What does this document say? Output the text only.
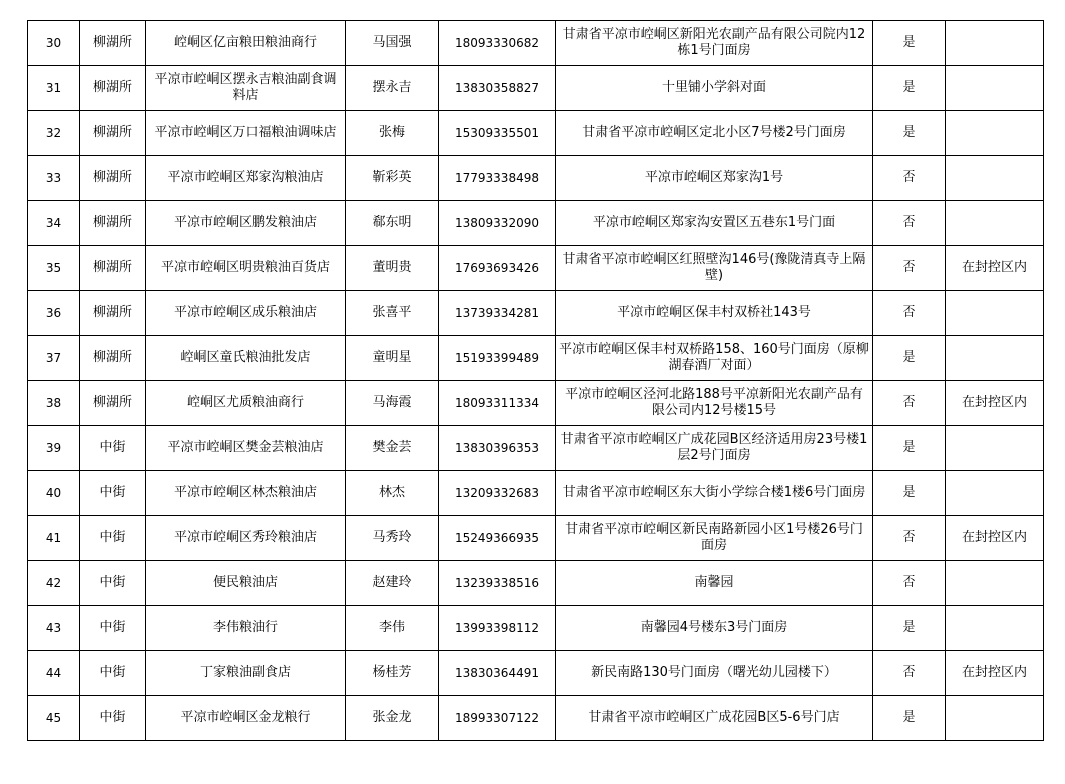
30	柳湖所	崆峒区亿亩粮田粮油商行	马国强	18093330682	甘肃省平凉市崆峒区新阳光农副产品有限公司院内12栋1号门面房	是	
31	柳湖所	平凉市崆峒区摆永吉粮油副食调料店	摆永吉	13830358827	十里铺小学斜对面	是	
32	柳湖所	平凉市崆峒区万口福粮油调味店	张梅	15309335501	甘肃省平凉市崆峒区定北小区7号楼2号门面房	是	
33	柳湖所	平凉市崆峒区郑家沟粮油店	靳彩英	17793338498	平凉市崆峒区郑家沟1号	否	
34	柳湖所	平凉市崆峒区鹏发粮油店	郗东明	13809332090	平凉市崆峒区郑家沟安置区五巷东1号门面	否	
35	柳湖所	平凉市崆峒区明贵粮油百货店	董明贵	17693693426	甘肃省平凉市崆峒区红照壁沟146号(豫陇清真寺上隔壁)	否	在封控区内
36	柳湖所	平凉市崆峒区成乐粮油店	张喜平	13739334281	平凉市崆峒区保丰村双桥社143号	否	
37	柳湖所	崆峒区童氏粮油批发店	童明星	15193399489	平凉市崆峒区保丰村双桥路158、160号门面房（原柳湖春酒厂对面）	是	
38	柳湖所	崆峒区尤质粮油商行	马海霞	18093311334	平凉市崆峒区泾河北路188号平凉新阳光农副产品有限公司内12号楼15号	否	在封控区内
39	中街	平凉市崆峒区樊金芸粮油店	樊金芸	13830396353	甘肃省平凉市崆峒区广成花园B区经济适用房23号楼1层2号门面房	是	
40	中街	平凉市崆峒区林杰粮油店	林杰	13209332683	甘肃省平凉市崆峒区东大街小学综合楼1楼6号门面房	是	
41	中街	平凉市崆峒区秀玲粮油店	马秀玲	15249366935	甘肃省平凉市崆峒区新民南路新园小区1号楼26号门面房	否	在封控区内
42	中街	便民粮油店	赵建玲	13239338516	南馨园	否	
43	中街	李伟粮油行	李伟	13993398112	南馨园4号楼东3号门面房	是	
44	中街	丁家粮油副食店	杨桂芳	13830364491	新民南路130号门面房（曙光幼儿园楼下）	否	在封控区内
45	中街	平凉市崆峒区金龙粮行	张金龙	18993307122	甘肃省平凉市崆峒区广成花园B区5-6号门店	是	
